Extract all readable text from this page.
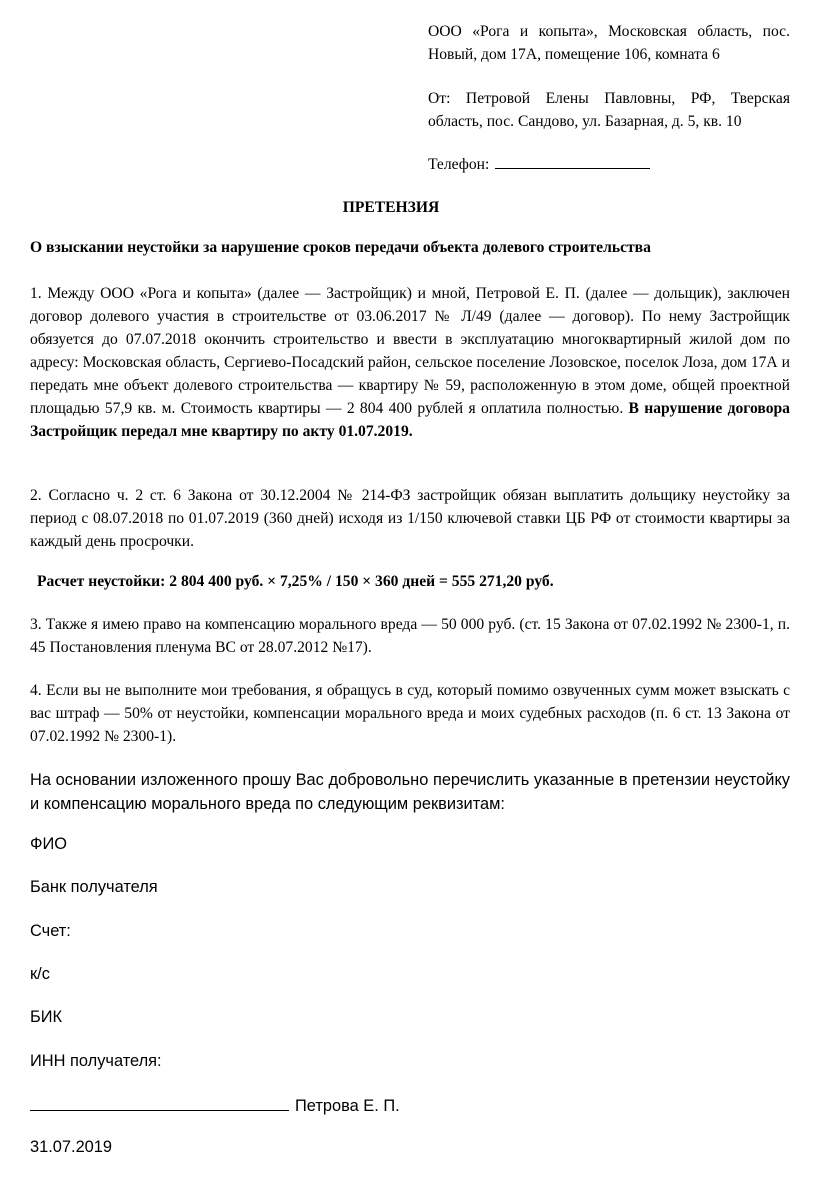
ООО «Рога и копыта», Московская область, пос. Новый, дом 17А, помещение 106, комната 6
От: Петровой Елены Павловны, РФ, Тверская область, пос. Сандово, ул. Базарная, д. 5, кв. 10
Телефон:
ПРЕТЕНЗИЯ
О взыскании неустойки за нарушение сроков передачи объекта долевого строительства
1. Между ООО «Рога и копыта» (далее — Застройщик) и мной, Петровой Е. П. (далее — дольщик), заключен договор долевого участия в строительстве от 03.06.2017 № Л/49 (далее — договор). По нему Застройщик обязуется до 07.07.2018 окончить строительство и ввести в эксплуатацию многоквартирный жилой дом по адресу: Московская область, Сергиево-Посадский район, сельское поселение Лозовское, поселок Лоза, дом 17А и передать мне объект долевого строительства — квартиру № 59, расположенную в этом доме, общей проектной площадью 57,9 кв. м. Стоимость квартиры — 2 804 400 рублей я оплатила полностью. В нарушение договора Застройщик передал мне квартиру по акту 01.07.2019.
2. Согласно ч. 2 ст. 6 Закона от 30.12.2004 № 214-ФЗ застройщик обязан выплатить дольщику неустойку за период с 08.07.2018 по 01.07.2019 (360 дней) исходя из 1/150 ключевой ставки ЦБ РФ от стоимости квартиры за каждый день просрочки.
Расчет неустойки: 2 804 400 руб. × 7,25% / 150 × 360 дней = 555 271,20 руб.
3. Также я имею право на компенсацию морального вреда — 50 000 руб. (ст. 15 Закона от 07.02.1992 № 2300-1, п. 45 Постановления пленума ВС от 28.07.2012 №17).
4. Если вы не выполните мои требования, я обращусь в суд, который помимо озвученных сумм может взыскать с вас штраф — 50% от неустойки, компенсации морального вреда и моих судебных расходов (п. 6 ст. 13 Закона от 07.02.1992 № 2300-1).
На основании изложенного прошу Вас добровольно перечислить указанные в претензии неустойку и компенсацию морального вреда по следующим реквизитам:
ФИО
Банк получателя
Счет:
к/с
БИК
ИНН получателя:
Петрова Е. П.
31.07.2019
